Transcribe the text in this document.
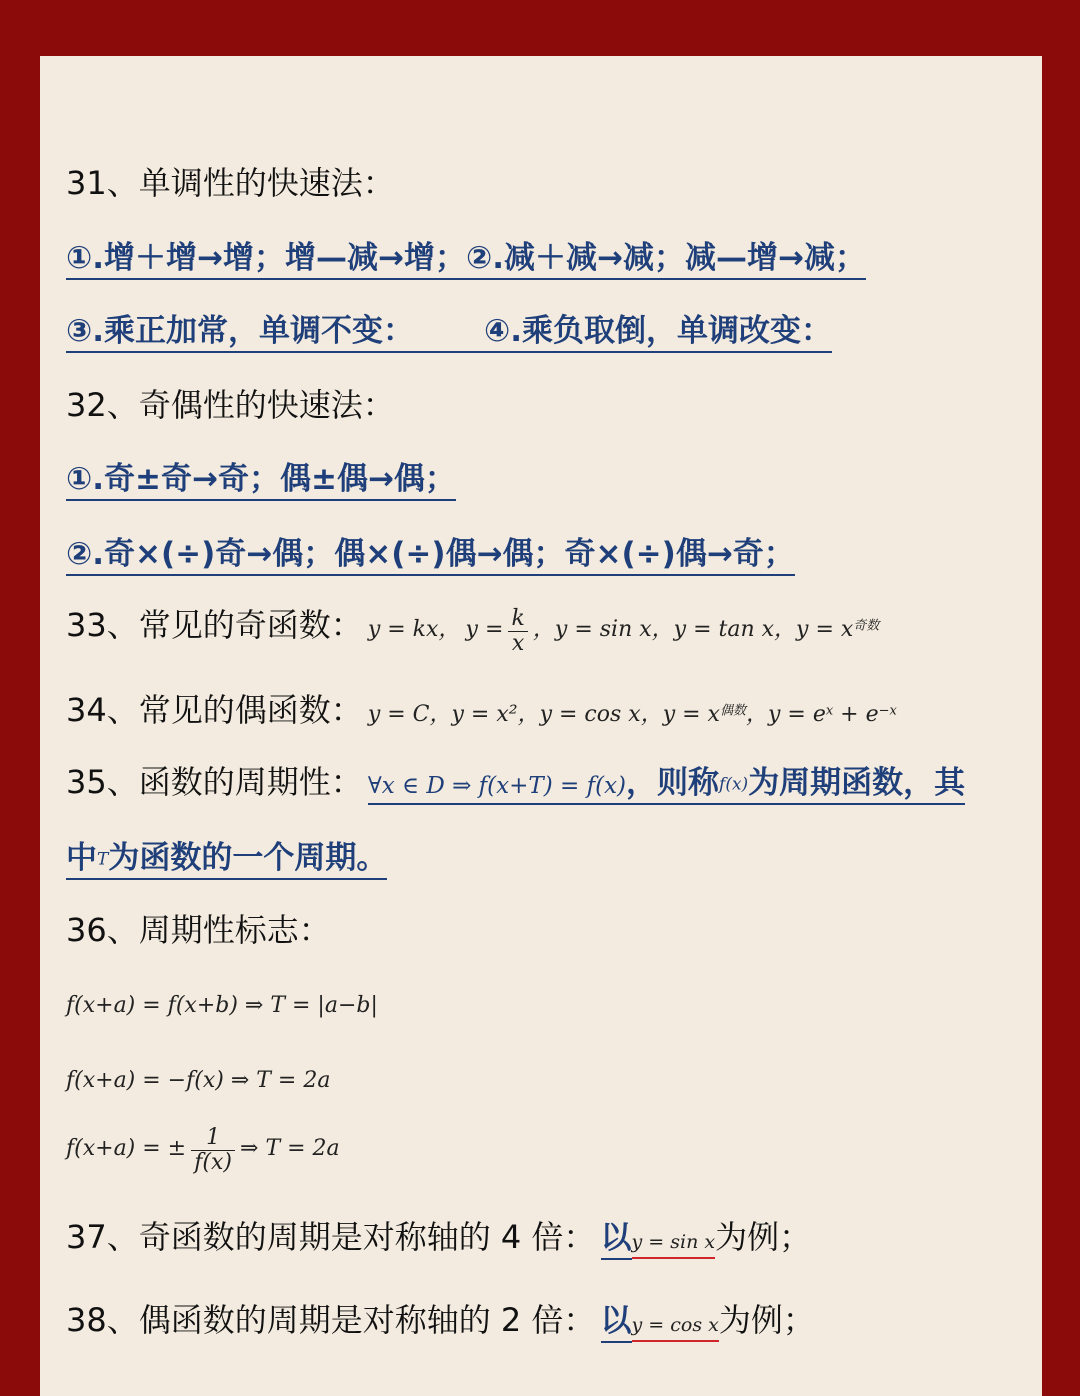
31、单调性的快速法：
①.增＋增→增；增—减→增；②.减＋减→减；减—增→减；
③.乘正加常，单调不变： ④.乘负取倒，单调改变：
32、奇偶性的快速法：
①.奇±奇→奇；偶±偶→偶；
②.奇×(÷)奇→偶；偶×(÷)偶→偶；奇×(÷)偶→奇；
33、常见的奇函数： y = kx， $y = \frac{k}{x}$ ，y = sin x，y = tan x，$y = x^{奇数}$
34、常见的偶函数： y = C，y = x²，y = cos x，$y = x^{偶数}$，$y = e^x + e^{-x}$
35、函数的周期性： ∀x ∈ D ⇒ f(x+T) = f(x)，则称f(x)为周期函数，其
中T为函数的一个周期。
36、周期性标志：
f(x+a) = f(x+b) ⇒ T = |a−b|
f(x+a) = −f(x) ⇒ T = 2a
f(x+a) = ± $\frac{1}{f(x)}$ ⇒ T = 2a
37、奇函数的周期是对称轴的 4 倍： 以y = sin x为例；
38、偶函数的周期是对称轴的 2 倍： 以y = cos x为例；
